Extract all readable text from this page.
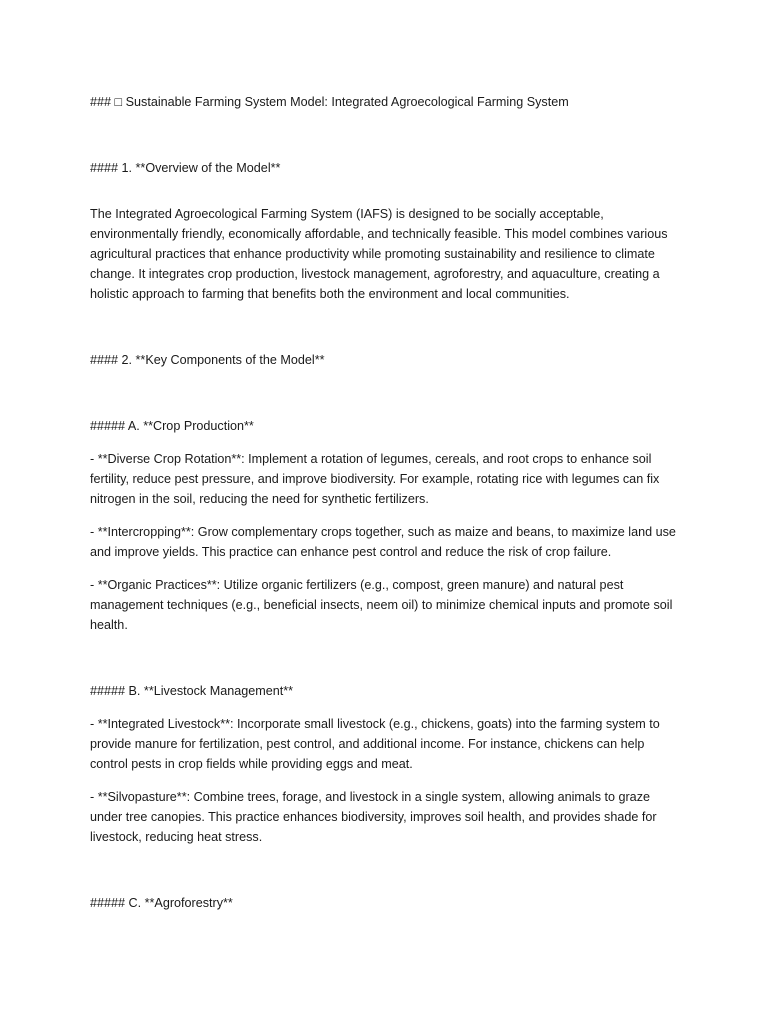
### □ Sustainable Farming System Model: Integrated Agroecological Farming System

#### 1. **Overview of the Model**

The Integrated Agroecological Farming System (IAFS) is designed to be socially acceptable, environmentally friendly, economically affordable, and technically feasible. This model combines various agricultural practices that enhance productivity while promoting sustainability and resilience to climate change. It integrates crop production, livestock management, agroforestry, and aquaculture, creating a holistic approach to farming that benefits both the environment and local communities.

#### 2. **Key Components of the Model**

##### A. **Crop Production**

- **Diverse Crop Rotation**: Implement a rotation of legumes, cereals, and root crops to enhance soil fertility, reduce pest pressure, and improve biodiversity. For example, rotating rice with legumes can fix nitrogen in the soil, reducing the need for synthetic fertilizers.

- **Intercropping**: Grow complementary crops together, such as maize and beans, to maximize land use and improve yields. This practice can enhance pest control and reduce the risk of crop failure.

- **Organic Practices**: Utilize organic fertilizers (e.g., compost, green manure) and natural pest management techniques (e.g., beneficial insects, neem oil) to minimize chemical inputs and promote soil health.

##### B. **Livestock Management**

- **Integrated Livestock**: Incorporate small livestock (e.g., chickens, goats) into the farming system to provide manure for fertilization, pest control, and additional income. For instance, chickens can help control pests in crop fields while providing eggs and meat.

- **Silvopasture**: Combine trees, forage, and livestock in a single system, allowing animals to graze under tree canopies. This practice enhances biodiversity, improves soil health, and provides shade for livestock, reducing heat stress.

##### C. **Agroforestry**
